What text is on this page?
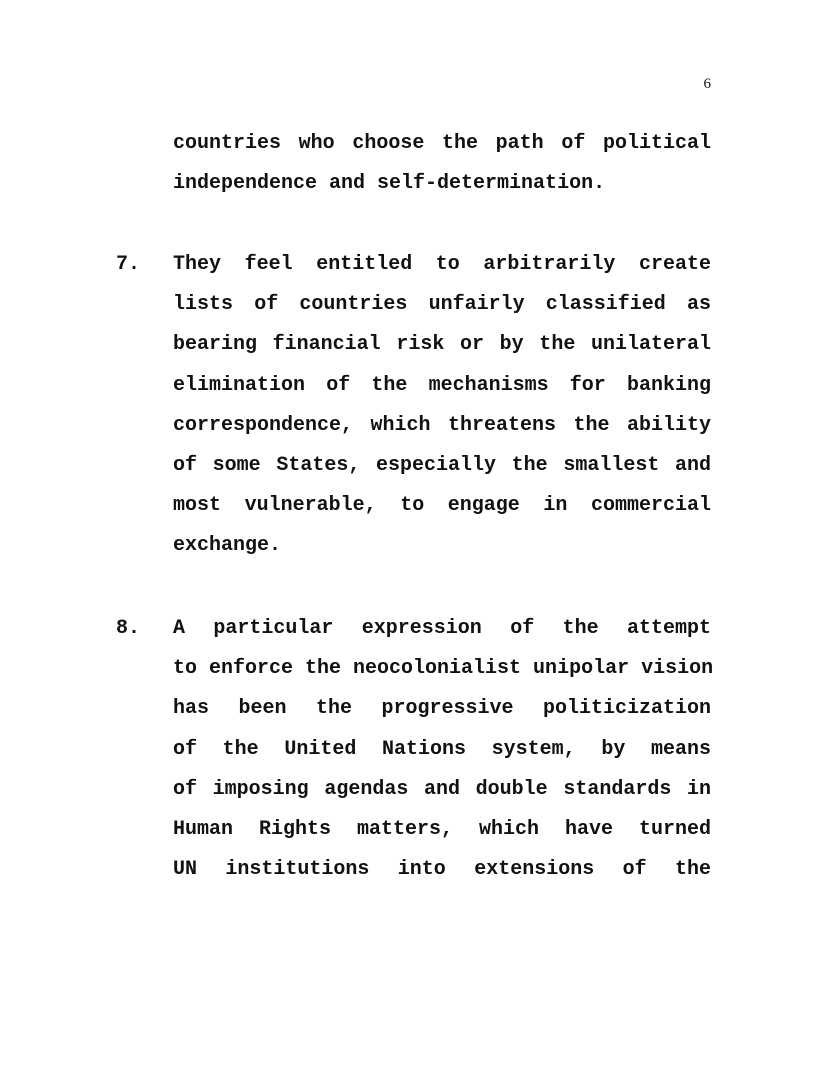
6
countries who choose the path of political
independence and self-determination.
7. They feel entitled to arbitrarily create
lists of countries unfairly classified as
bearing financial risk or by the unilateral
elimination of the mechanisms for banking
correspondence, which threatens the ability
of some States, especially the smallest and
most vulnerable, to engage in commercial
exchange.
8. A particular expression of the attempt
to enforce the neocolonialist unipolar vision
has been the progressive politicization
of the United Nations system, by means
of imposing agendas and double standards in
Human Rights matters, which have turned
UN institutions into extensions of the
